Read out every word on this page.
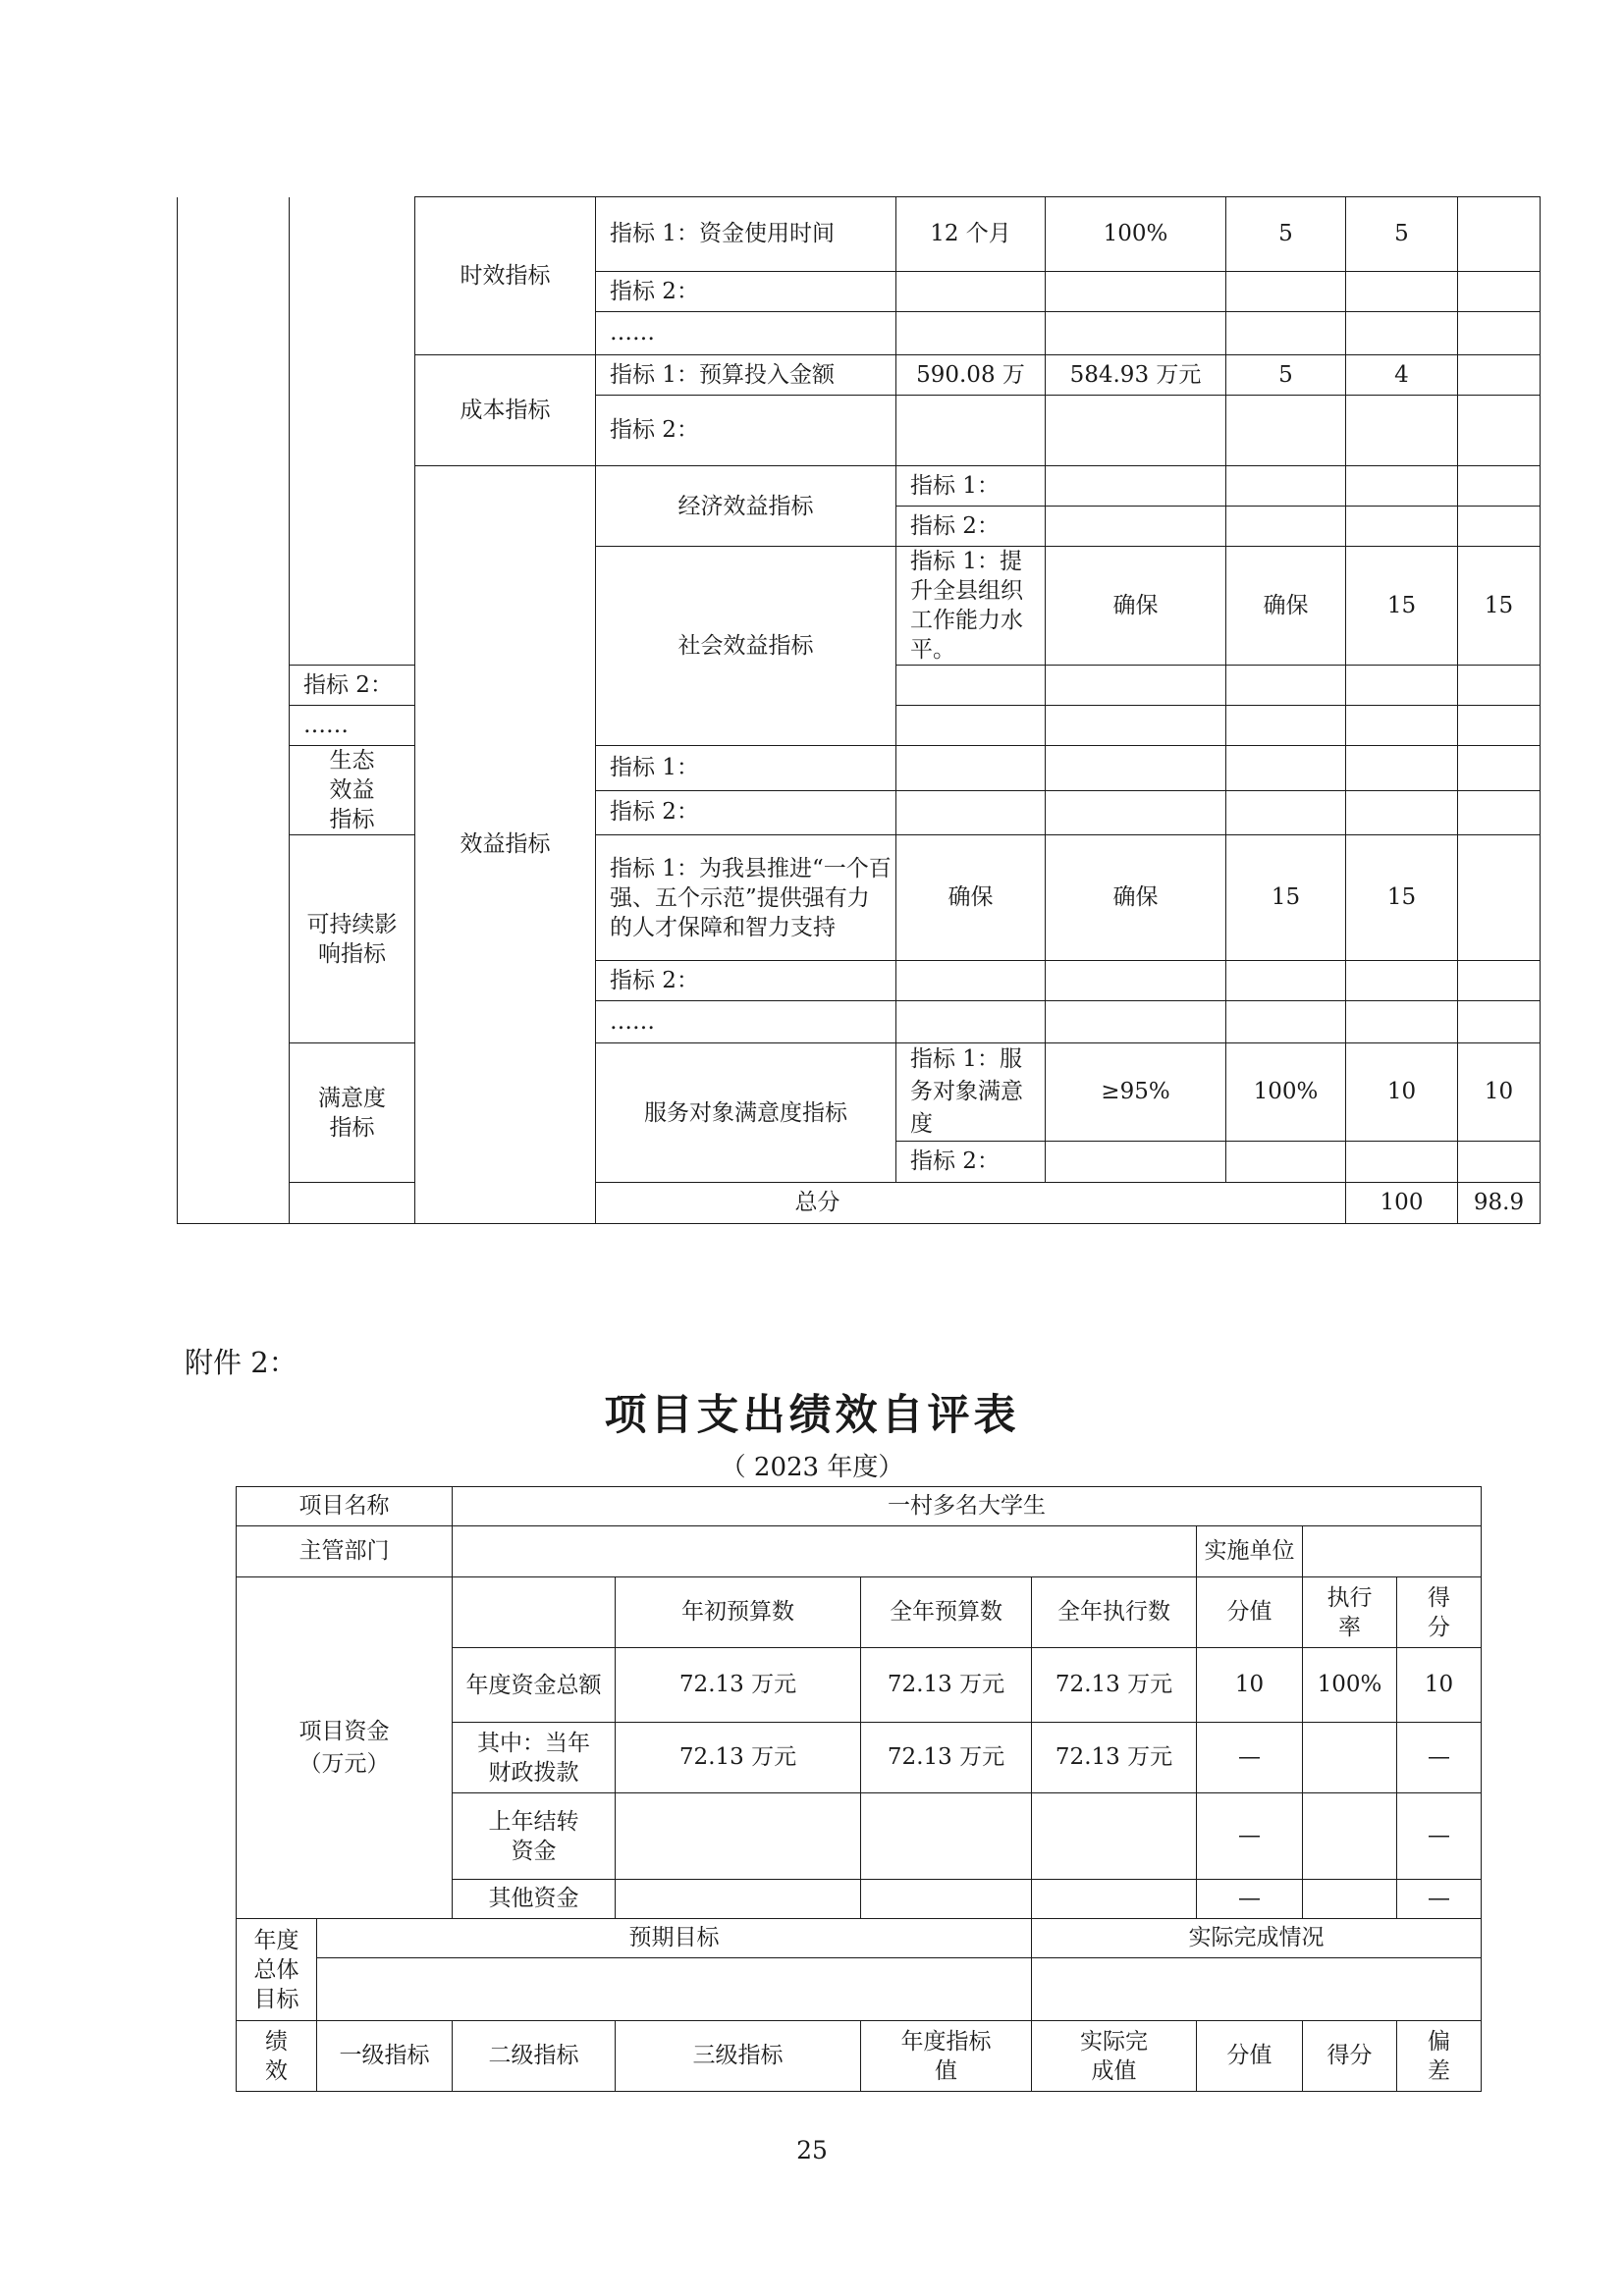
		时效指标	指标 1：资金使用时间	12 个月	100%	5	5		
			指标 2：						
			……						
		成本指标	指标 1：预算投入金额	590.08 万	584.93 万元	5	4		
			指标 2：						
		效益指标	经济效益指标	指标 1：					
				指标 2：					
			社会效益指标	指标 1：提升全县组织工作能力水平。	确保	确保	15	15	
	指标 2：								
	……								
	生态效益指标		指标 1：						
			指标 2：						
	可持续影响指标		指标 1：为我县推进“一个百强、五个示范”提供强有力的人才保障和智力支持	确保	确保	15	15		
			指标 2：						
			……						
	满意度指标		服务对象满意度指标	指标 1：服务对象满意度	≥95%	100%	10	10	
				指标 2：					
	总分						100	98.9	
附件 2：
项目支出绩效自评表
（ 2023 年度）
项目名称		一村多名大学生						
主管部门						实施单位		

项目资金
（万元）			年初预算数	全年预算数	全年执行数	分值	执行率	得分
		年度资金总额	72.13 万元	72.13 万元	72.13 万元	10	100%	10
		其中：当年财政拨款	72.13 万元	72.13 万元	72.13 万元	—		—
		上年结转资金				—		—
		其他资金				—		—
年度总体目标	预期目标				实际完成情况			

绩效	一级指标	二级指标	三级指标	年度指标值	实际完成值	分值	得分	偏差
25
